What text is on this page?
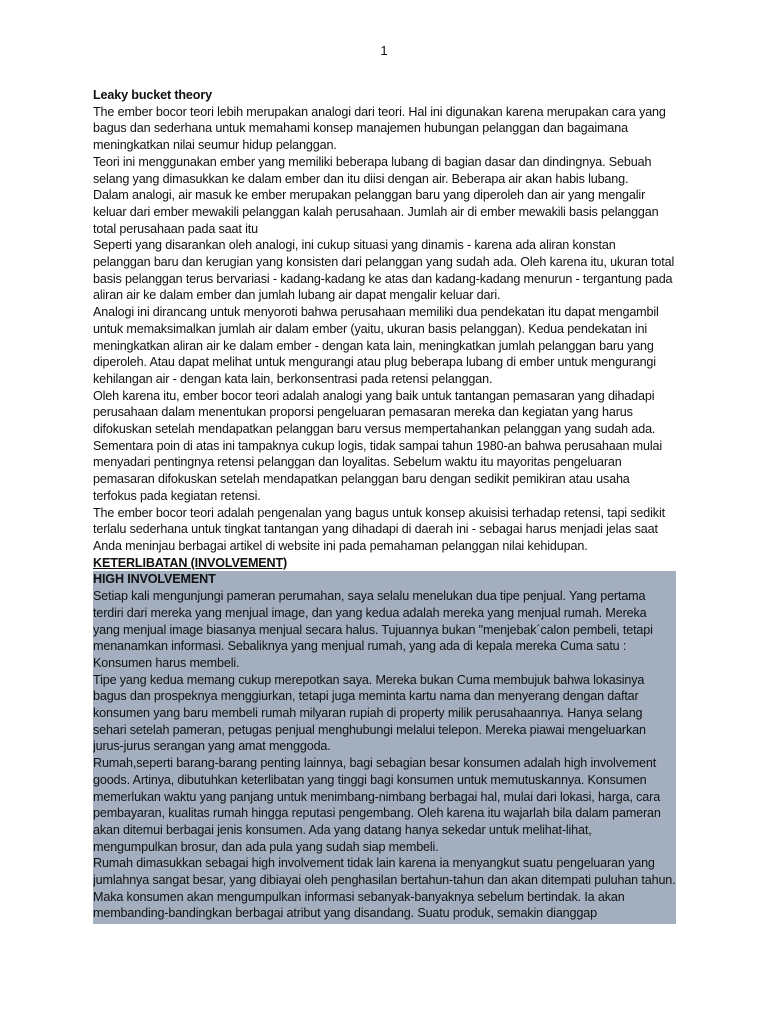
1

Leaky bucket theory

The ember bocor teori lebih merupakan analogi dari teori. Hal ini digunakan karena merupakan cara yang bagus dan sederhana untuk memahami konsep manajemen hubungan pelanggan dan bagaimana meningkatkan nilai seumur hidup pelanggan.

Teori ini menggunakan ember yang memiliki beberapa lubang di bagian dasar dan dindingnya. Sebuah selang yang dimasukkan ke dalam ember dan itu diisi dengan air. Beberapa air akan habis lubang.

Dalam analogi, air masuk ke ember merupakan pelanggan baru yang diperoleh dan air yang mengalir keluar dari ember mewakili pelanggan kalah perusahaan. Jumlah air di ember mewakili basis pelanggan total perusahaan pada saat itu

Seperti yang disarankan oleh analogi, ini cukup situasi yang dinamis - karena ada aliran konstan pelanggan baru dan kerugian yang konsisten dari pelanggan yang sudah ada. Oleh karena itu, ukuran total basis pelanggan terus bervariasi - kadang-kadang ke atas dan kadang-kadang menurun - tergantung pada aliran air ke dalam ember dan jumlah lubang air dapat mengalir keluar dari.

Analogi ini dirancang untuk menyoroti bahwa perusahaan memiliki dua pendekatan itu dapat mengambil untuk memaksimalkan jumlah air dalam ember (yaitu, ukuran basis pelanggan). Kedua pendekatan ini meningkatkan aliran air ke dalam ember - dengan kata lain, meningkatkan jumlah pelanggan baru yang diperoleh. Atau dapat melihat untuk mengurangi atau plug beberapa lubang di ember untuk mengurangi kehilangan air - dengan kata lain, berkonsentrasi pada retensi pelanggan.

Oleh karena itu, ember bocor teori adalah analogi yang baik untuk tantangan pemasaran yang dihadapi perusahaan dalam menentukan proporsi pengeluaran pemasaran mereka dan kegiatan yang harus difokuskan setelah mendapatkan pelanggan baru versus mempertahankan pelanggan yang sudah ada.

Sementara poin di atas ini tampaknya cukup logis, tidak sampai tahun 1980-an bahwa perusahaan mulai menyadari pentingnya retensi pelanggan dan loyalitas. Sebelum waktu itu mayoritas pengeluaran pemasaran difokuskan setelah mendapatkan pelanggan baru dengan sedikit pemikiran atau usaha terfokus pada kegiatan retensi.

The ember bocor teori adalah pengenalan yang bagus untuk konsep akuisisi terhadap retensi, tapi sedikit terlalu sederhana untuk tingkat tantangan yang dihadapi di daerah ini - sebagai harus menjadi jelas saat Anda meninjau berbagai artikel di website ini pada pemahaman pelanggan nilai kehidupan.

KETERLIBATAN (INVOLVEMENT)

HIGH INVOLVEMENT

Setiap kali mengunjungi pameran perumahan, saya selalu menelukan dua tipe penjual. Yang pertama terdiri dari mereka yang menjual image, dan yang kedua adalah mereka yang menjual rumah. Mereka yang menjual image biasanya menjual secara halus. Tujuannya bukan "menjebak´calon pembeli, tetapi menanamkan informasi. Sebaliknya yang menjual rumah, yang ada di kepala mereka Cuma satu : Konsumen harus membeli.

Tipe yang kedua memang cukup merepotkan saya. Mereka bukan Cuma membujuk bahwa lokasinya bagus dan prospeknya menggiurkan, tetapi juga meminta kartu nama dan menyerang dengan daftar konsumen yang baru membeli rumah milyaran rupiah di property milik perusahaannya. Hanya selang sehari setelah pameran, petugas penjual menghubungi melalui telepon. Mereka piawai mengeluarkan jurus-jurus serangan yang amat menggoda.

Rumah,seperti barang-barang penting lainnya, bagi sebagian besar konsumen adalah high involvement goods. Artinya, dibutuhkan keterlibatan yang tinggi bagi konsumen untuk memutuskannya. Konsumen memerlukan waktu yang panjang untuk menimbang-nimbang berbagai hal, mulai dari lokasi, harga, cara pembayaran, kualitas rumah hingga reputasi pengembang. Oleh karena itu wajarlah bila dalam pameran akan ditemui berbagai jenis konsumen. Ada yang datang hanya sekedar untuk melihat-lihat, mengumpulkan brosur, dan ada pula yang sudah siap membeli.

Rumah dimasukkan sebagai high involvement tidak lain karena ia menyangkut suatu pengeluaran yang jumlahnya sangat besar, yang dibiayai oleh penghasilan bertahun-tahun dan akan ditempati puluhan tahun. Maka konsumen akan mengumpulkan informasi sebanyak-banyaknya sebelum bertindak. Ia akan membanding-bandingkan berbagai atribut yang disandang. Suatu produk, semakin dianggap
